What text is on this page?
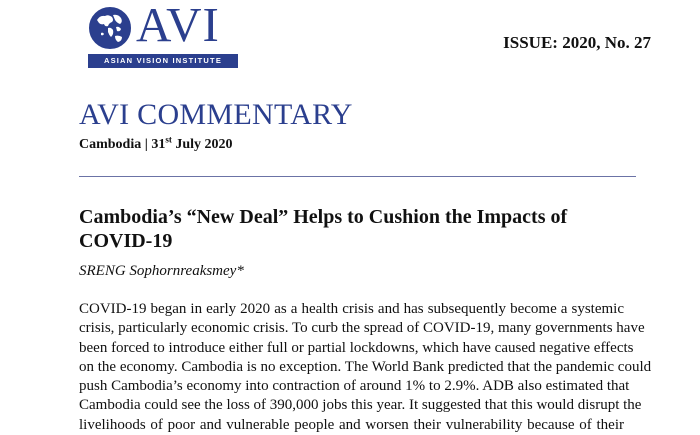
AVI
ASIAN VISION INSTITUTE
ISSUE: 2020, No. 27
AVI COMMENTARY
Cambodia | 31st July 2020
Cambodia’s “New Deal” Helps to Cushion the Impacts of COVID-19
SRENG Sophornreaksmey*
COVID-19 began in early 2020 as a health crisis and has subsequently become a systemic
crisis, particularly economic crisis. To curb the spread of COVID-19, many governments have
been forced to introduce either full or partial lockdowns, which have caused negative effects
on the economy. Cambodia is no exception. The World Bank predicted that the pandemic could
push Cambodia’s economy into contraction of around 1% to 2.9%. ADB also estimated that
Cambodia could see the loss of 390,000 jobs this year. It suggested that this would disrupt the
livelihoods of poor and vulnerable people and worsen their vulnerability because of their
